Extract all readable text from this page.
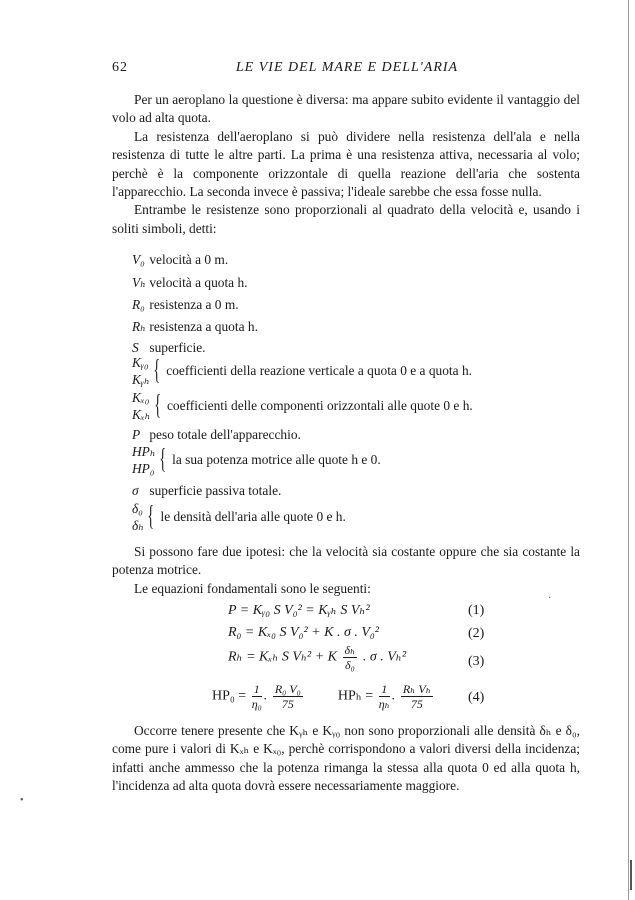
62	LE VIE DEL MARE E DELL'ARIA

Per un aeroplano la questione è diversa: ma appare subito evidente il vantaggio del volo ad alta quota.

La resistenza dell'aeroplano si può dividere nella resistenza dell'ala e nella resistenza di tutte le altre parti. La prima è una resistenza attiva, necessaria al volo; perchè è la componente orizzontale di quella reazione dell'aria che sostenta l'apparecchio. La seconda invece è passiva; l'ideale sarebbe che essa fosse nulla.

Entrambe le resistenze sono proporzionali al quadrato della velocità e, usando i soliti simboli, detti:

V₀ velocità a 0 m.
Vₕ velocità a quota h.
R₀ resistenza a 0 m.
Rₕ resistenza a quota h.
S superficie.
Kᵧ₀
Kᵧₕ { coefficienti della reazione verticale a quota 0 e a quota h.
Kₓ₀
Kₓₕ { coefficienti delle componenti orizzontali alle quote 0 e h.
P peso totale dell'apparecchio.
HPₕ
HP₀ { la sua potenza motrice alle quote h e 0.
σ superficie passiva totale.
δ₀
δₕ { le densità dell'aria alle quote 0 e h.

Si possono fare due ipotesi: che la velocità sia costante oppure che sia costante la potenza motrice.

Le equazioni fondamentali sono le seguenti:

P = Kᵧ₀ S V₀² = Kᵧₕ S Vₕ²	(1)
R₀ = Kₓ₀ S V₀² + K . σ . V₀²	(2)
Rₕ = Kₓₕ S Vₕ² + K $\frac{\text{δₕ}}{\text{δ₀}}$ . σ . Vₕ²	(3)
$HP_0 = \frac{1}{\text{η₀}}$ . $\frac{\text{R₀ V₀}}{75}$	$HP_h = \frac{1}{\text{ηₕ}}$ . $\frac{\text{Rₕ Vₕ}}{75}$	(4)

Occorre tenere presente che Kᵧₕ e Kᵧ₀ non sono proporzionali alle densità δₕ e δ₀, come pure i valori di Kₓₕ e Kₓ₀, perchè corrispondono a valori diversi della incidenza; infatti anche ammesso che la potenza rimanga la stessa alla quota 0 ed alla quota h, l'incidenza ad alta quota dovrà essere necessariamente maggiore.

•
·
